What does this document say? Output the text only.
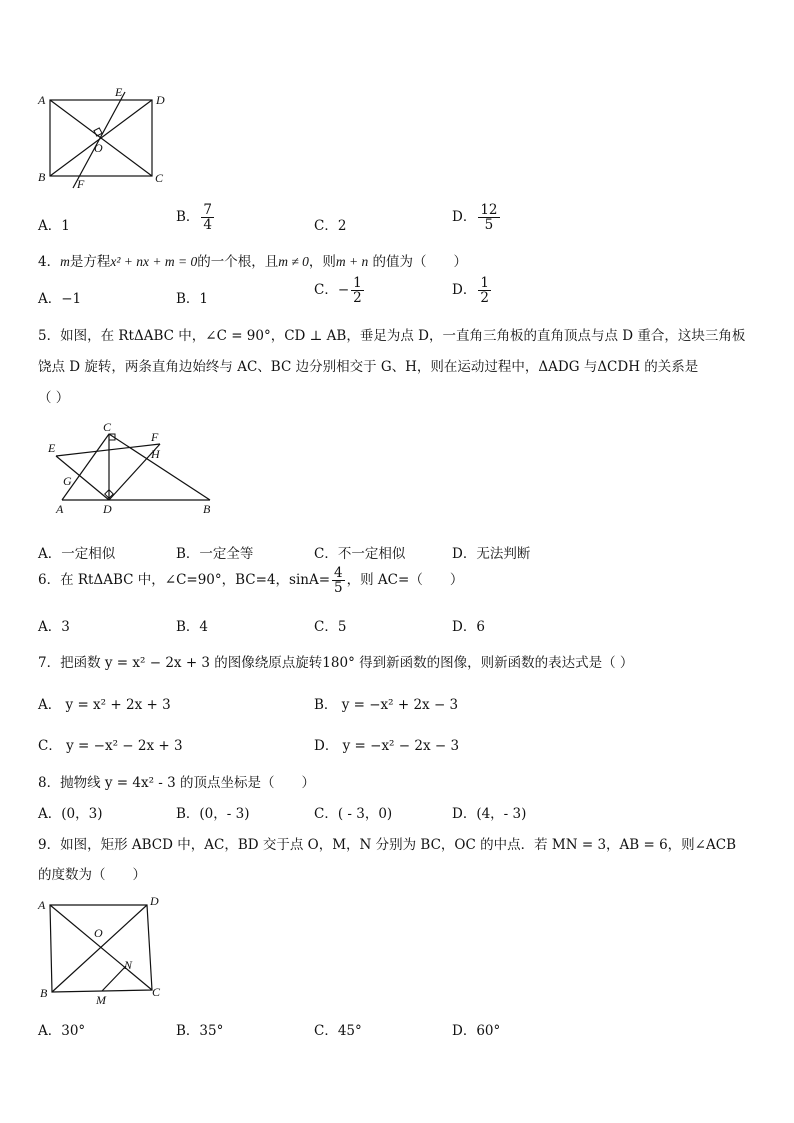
A	D
B	C
E
F
O
A．1
B． $\frac{7}{4}$	C．2
D． $\frac{12}{5}$
4．m是方程x² + nx + m = 0的一个根，且m ≠ 0，则m + n 的值为（　　）
A．−1	B．1
C．− $\frac{1}{2}$	D． $\frac{1}{2}$
5．如图，在 RtΔABC 中，∠C = 90°，CD ⊥ AB，垂足为点 D，一直角三角板的直角顶点与点 D 重合，这块三角板
饶点 D 旋转，两条直角边始终与 AC、BC 边分别相交于 G、H，则在运动过程中，ΔADG 与ΔCDH 的关系是
（ ）
C
F
E	H
G
A	D	B
A．一定相似	B．一定全等	C．不一定相似	D．无法判断
6．在 RtΔABC 中，∠C=90°，BC=4，$\sin A= \frac{4}{5}$ ，则 AC=（　　）
A．3	B．4	C．5	D．6
7．把函数 y = x² − 2x + 3 的图像绕原点旋转180° 得到新函数的图像，则新函数的表达式是（ ）
A． y = x² + 2x + 3	B． y = −x² + 2x − 3
C． y = −x² − 2x + 3	D． y = −x² − 2x − 3
8．抛物线 y = 4x² - 3 的顶点坐标是（　　）
A．(0，3)	B．(0，- 3)	C．( - 3，0)	D．(4，- 3)
9．如图，矩形 ABCD 中，AC，BD 交于点 O，M，N 分别为 BC，OC 的中点．若 MN = 3，AB = 6，则∠ACB
的度数为（　　）
A	D
O
N
B	M
C
A．30°	B．35°	C．45°	D．60°
